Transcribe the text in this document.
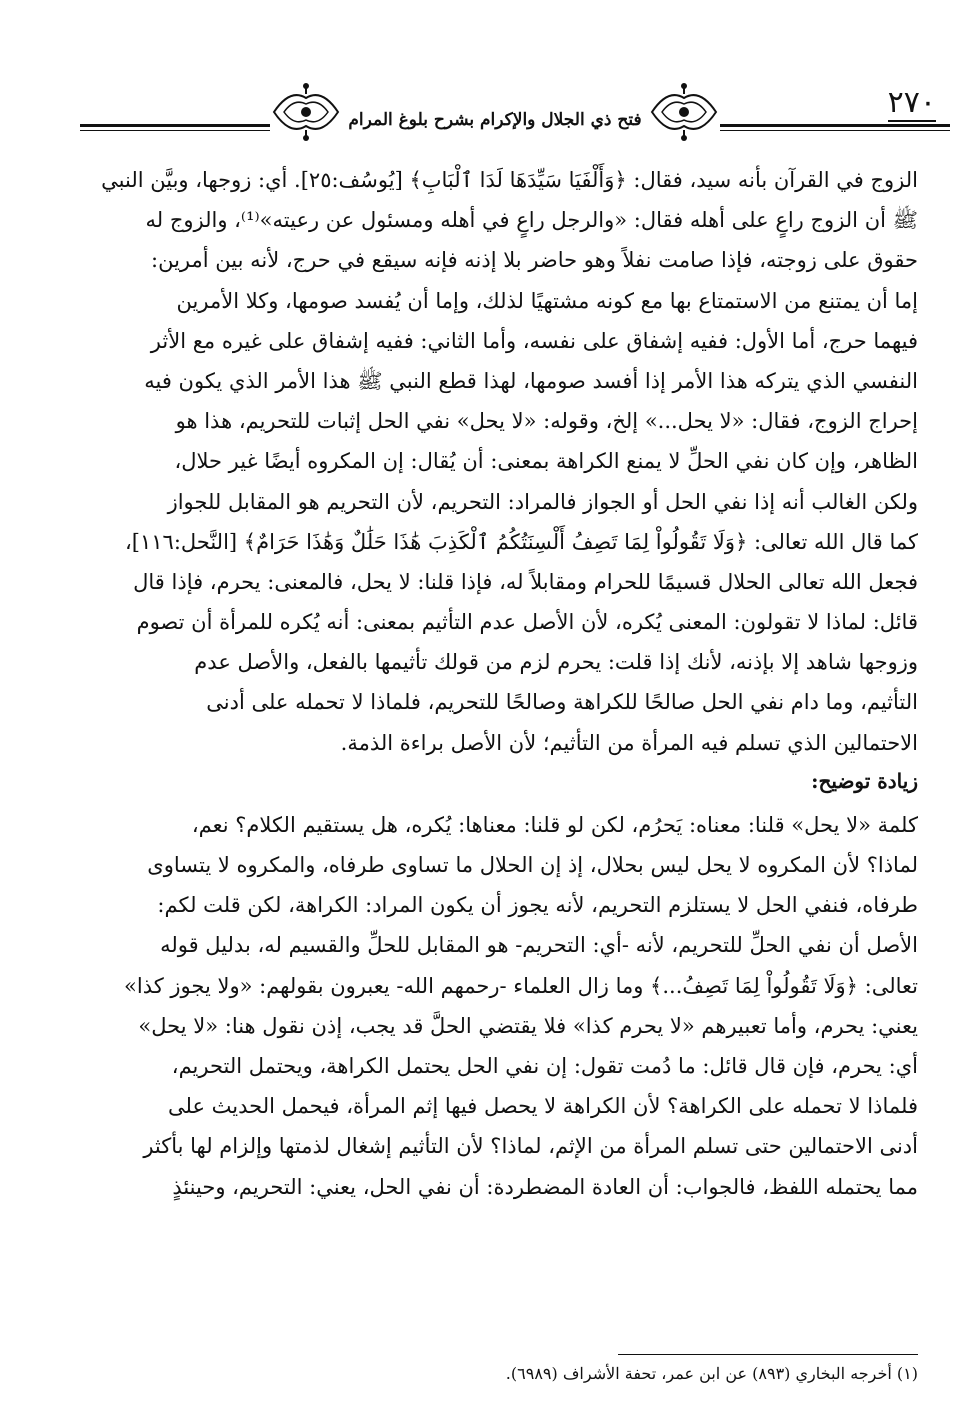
فتح ذي الجلال والإكرام بشرح بلوغ المرام	٢٧٠
الزوج في القرآن بأنه سيد، فقال: ﴿وَأَلْفَيَا سَيِّدَهَا لَدَا ٱلْبَابِ﴾ [يُوسُف:٢٥]. أي: زوجها، وبيَّن النبي
ﷺ أن الزوج راعٍ على أهله فقال: «والرجل راعٍ في أهله ومسئول عن رعيته»⁽¹⁾، والزوج له
حقوق على زوجته، فإذا صامت نفلاً وهو حاضر بلا إذنه فإنه سيقع في حرج، لأنه بين أمرين:
إما أن يمتنع من الاستمتاع بها مع كونه مشتهيًا لذلك، وإما أن يُفسد صومها، وكلا الأمرين
فيهما حرج، أما الأول: ففيه إشفاق على نفسه، وأما الثاني: ففيه إشفاق على غيره مع الأثر
النفسي الذي يتركه هذا الأمر إذا أفسد صومها، لهذا قطع النبي ﷺ هذا الأمر الذي يكون فيه
إحراج الزوج، فقال: «لا يحل...» إلخ، وقوله: «لا يحل» نفي الحل إثبات للتحريم، هذا هو
الظاهر، وإن كان نفي الحلِّ لا يمنع الكراهة بمعنى: أن يُقال: إن المكروه أيضًا غير حلال،
ولكن الغالب أنه إذا نفي الحل أو الجواز فالمراد: التحريم، لأن التحريم هو المقابل للجواز
كما قال الله تعالى: ﴿وَلَا تَقُولُواْ لِمَا تَصِفُ أَلْسِنَتُكُمُ ٱلْكَذِبَ هَٰذَا حَلَٰلٌ وَهَٰذَا حَرَامٌ﴾ [النَّحل:١١٦]،
فجعل الله تعالى الحلال قسيمًا للحرام ومقابلاً له، فإذا قلنا: لا يحل، فالمعنى: يحرم، فإذا قال
قائل: لماذا لا تقولون: المعنى يُكره، لأن الأصل عدم التأثيم بمعنى: أنه يُكره للمرأة أن تصوم
وزوجها شاهد إلا بإذنه، لأنك إذا قلت: يحرم لزم من قولك تأثيمها بالفعل، والأصل عدم
التأثيم، وما دام نفي الحل صالحًا للكراهة وصالحًا للتحريم، فلماذا لا تحمله على أدنى
الاحتمالين الذي تسلم فيه المرأة من التأثيم؛ لأن الأصل براءة الذمة.
زيادة توضيح:
كلمة «لا يحل» قلنا: معناه: يَحرُم، لكن لو قلنا: معناها: يُكره، هل يستقيم الكلام؟ نعم،
لماذا؟ لأن المكروه لا يحل ليس بحلال، إذ إن الحلال ما تساوى طرفاه، والمكروه لا يتساوى
طرفاه، فنفي الحل لا يستلزم التحريم، لأنه يجوز أن يكون المراد: الكراهة، لكن قلت لكم:
الأصل أن نفي الحلِّ للتحريم، لأنه -أي: التحريم- هو المقابل للحلِّ والقسيم له، بدليل قوله
تعالى: ﴿وَلَا تَقُولُواْ لِمَا تَصِفُ...﴾ وما زال العلماء -رحمهم الله- يعبرون بقولهم: «ولا يجوز كذا»
يعني: يحرم، وأما تعبيرهم «لا يحرم كذا» فلا يقتضي الحلَّ قد يجب، إذن نقول هنا: «لا يحل»
أي: يحرم، فإن قال قائل: ما دُمت تقول: إن نفي الحل يحتمل الكراهة، ويحتمل التحريم،
فلماذا لا تحمله على الكراهة؟ لأن الكراهة لا يحصل فيها إثم المرأة، فيحمل الحديث على
أدنى الاحتمالين حتى تسلم المرأة من الإثم، لماذا؟ لأن التأثيم إشغال لذمتها وإلزام لها بأكثر
مما يحتمله اللفظ، فالجواب: أن العادة المضطردة: أن نفي الحل، يعني: التحريم، وحينئذٍ
(١) أخرجه البخاري (٨٩٣) عن ابن عمر، تحفة الأشراف (٦٩٨٩).
